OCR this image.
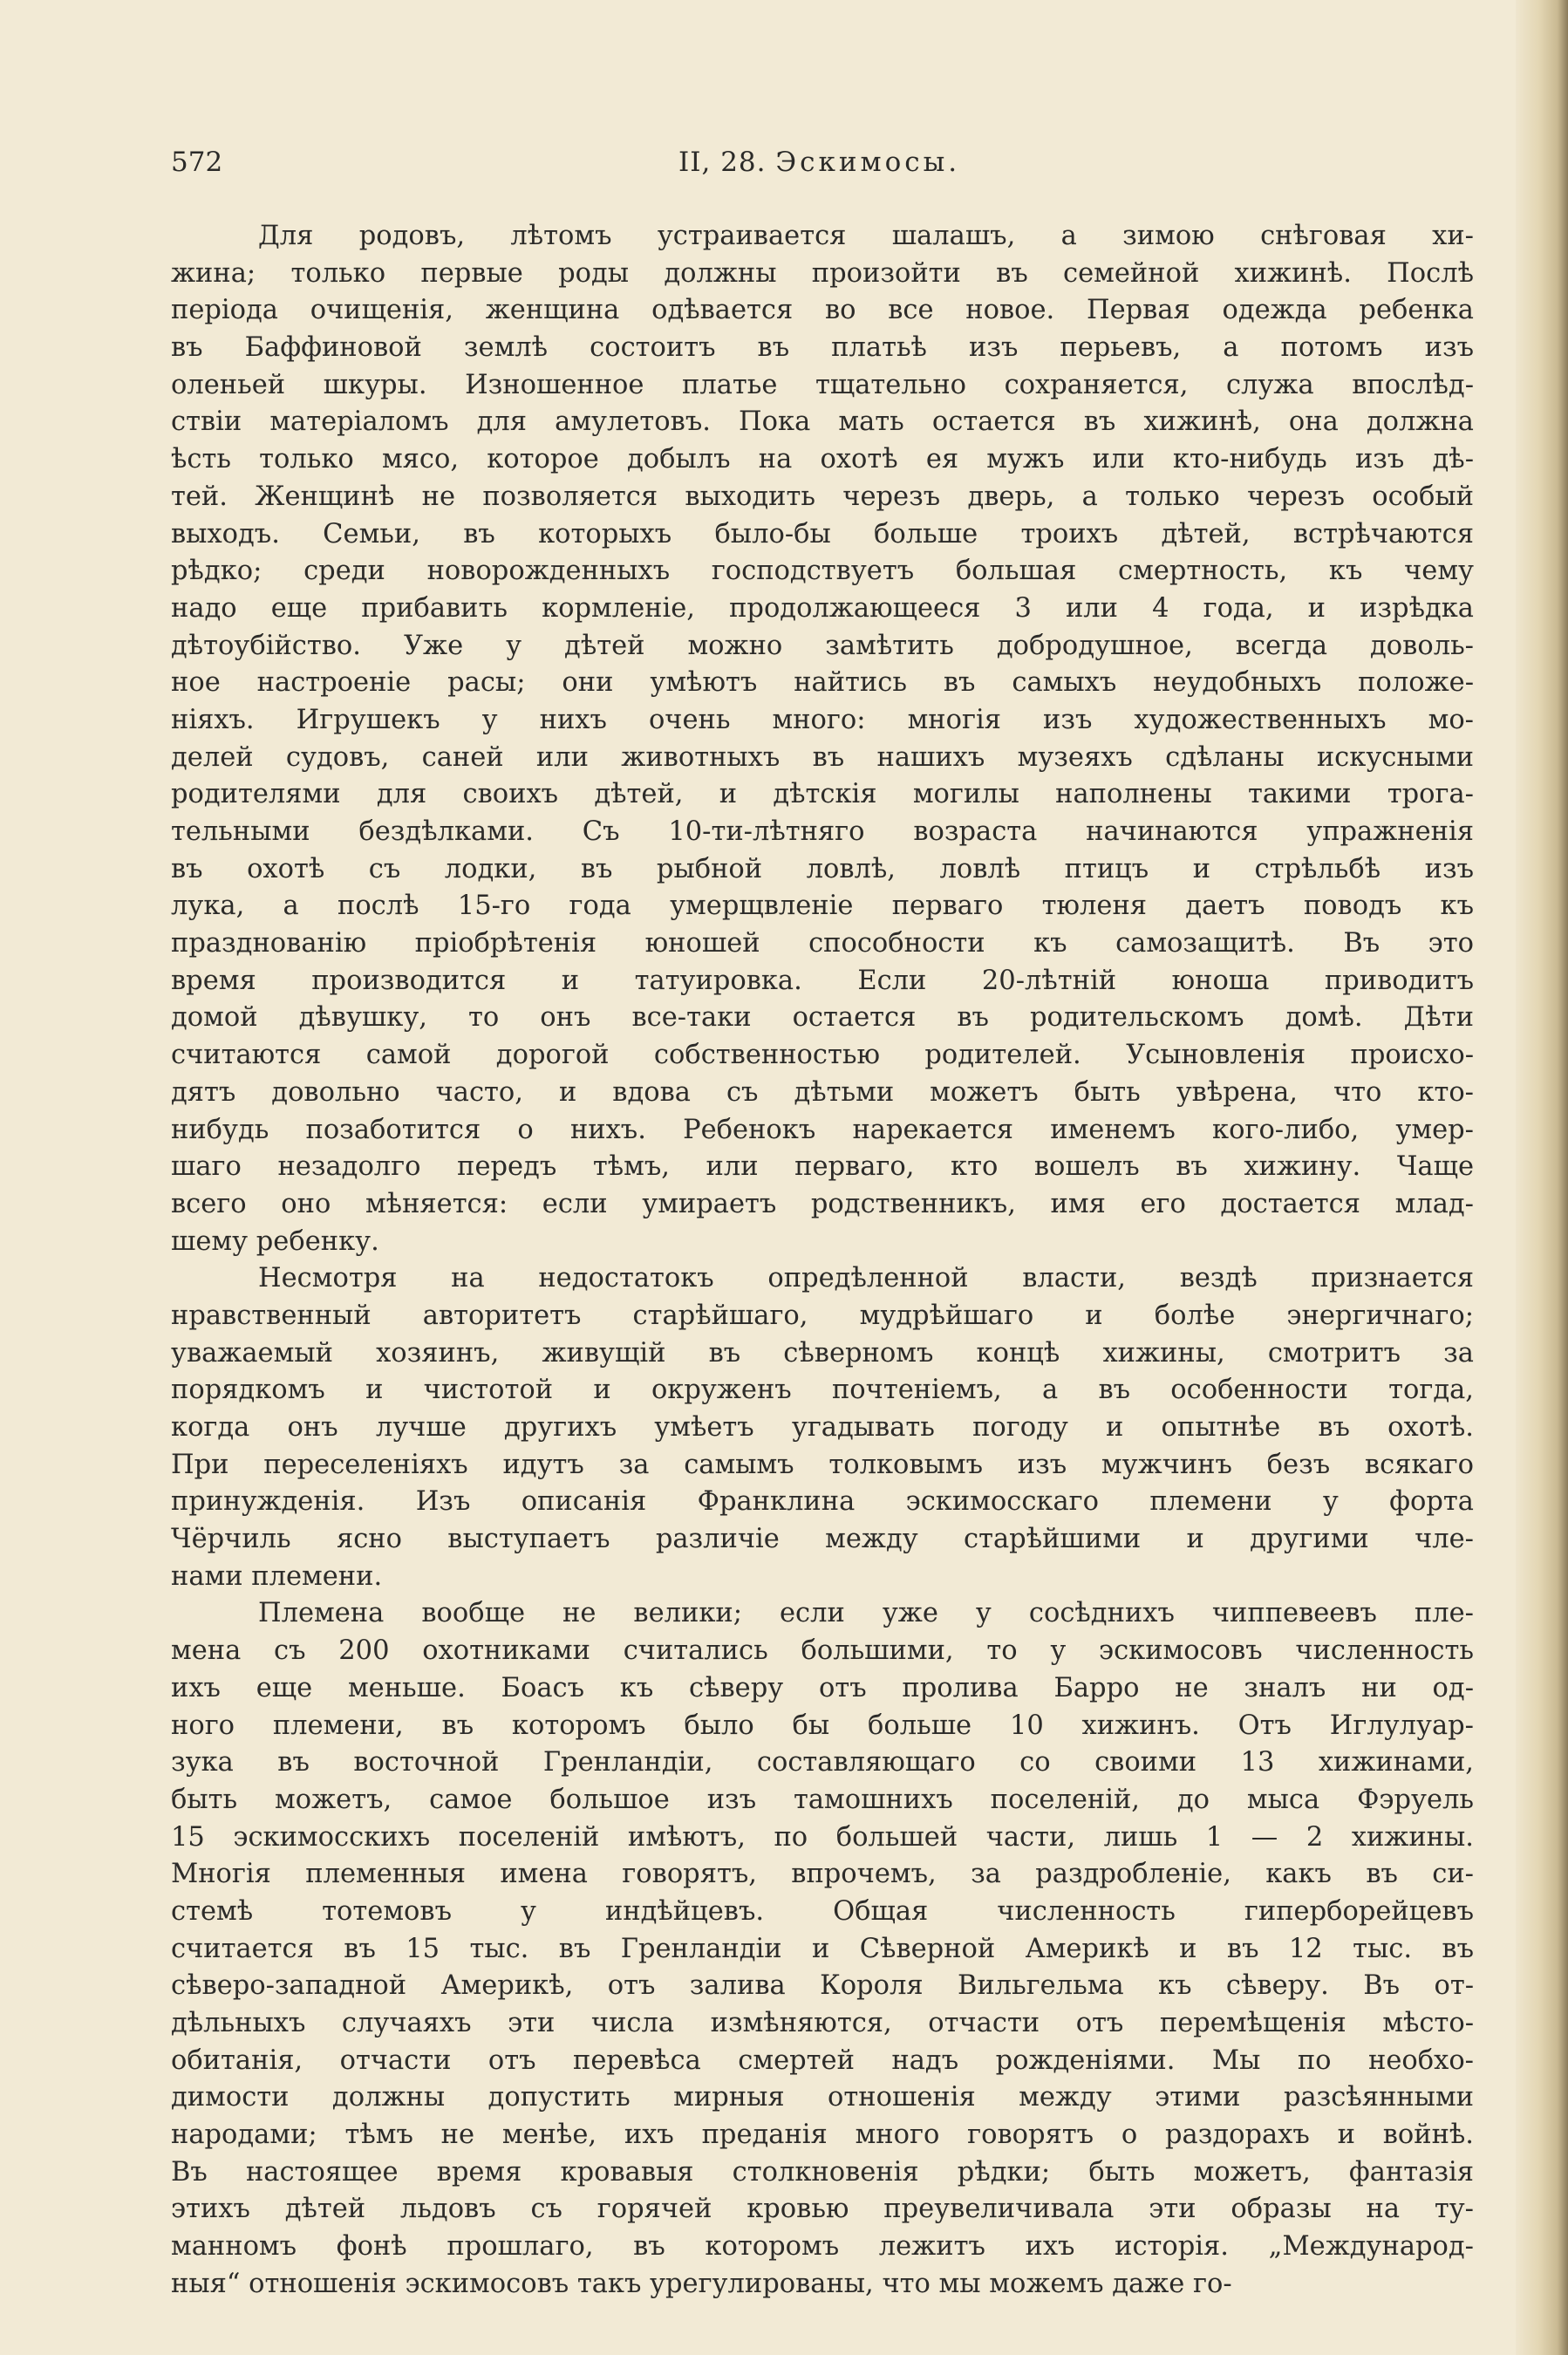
572	II, 28. Эскимосы.
Для родовъ, лѣтомъ устраивается шалашъ, а зимою снѣговая хи-
жина; только первые роды должны произойти въ семейной хижинѣ. Послѣ
періода очищенія, женщина одѣвается во все новое. Первая одежда ребенка
въ Баффиновой землѣ состоитъ въ платьѣ изъ перьевъ, а потомъ изъ
оленьей шкуры. Изношенное платье тщательно сохраняется, служа впослѣд-
ствіи матеріаломъ для амулетовъ. Пока мать остается въ хижинѣ, она должна
ѣсть только мясо, которое добылъ на охотѣ ея мужъ или кто-нибудь изъ дѣ-
тей. Женщинѣ не позволяется выходить черезъ дверь, а только черезъ особый
выходъ. Семьи, въ которыхъ было-бы больше троихъ дѣтей, встрѣчаются
рѣдко; среди новорожденныхъ господствуетъ большая смертность, къ чему
надо еще прибавить кормленіе, продолжающееся 3 или 4 года, и изрѣдка
дѣтоубійство. Уже у дѣтей можно замѣтить добродушное, всегда доволь-
ное настроеніе расы; они умѣютъ найтись въ самыхъ неудобныхъ положе-
ніяхъ. Игрушекъ у нихъ очень много: многія изъ художественныхъ мо-
делей судовъ, саней или животныхъ въ нашихъ музеяхъ сдѣланы искусными
родителями для своихъ дѣтей, и дѣтскія могилы наполнены такими трога-
тельными бездѣлками. Съ 10-ти-лѣтняго возраста начинаются упражненія
въ охотѣ съ лодки, въ рыбной ловлѣ, ловлѣ птицъ и стрѣльбѣ изъ
лука, а послѣ 15-го года умерщвленіе перваго тюленя даетъ поводъ къ
празднованію пріобрѣтенія юношей способности къ самозащитѣ. Въ это
время производится и татуировка. Если 20-лѣтній юноша приводитъ
домой дѣвушку, то онъ все-таки остается въ родительскомъ домѣ. Дѣти
считаются самой дорогой собственностью родителей. Усыновленія происхо-
дятъ довольно часто, и вдова съ дѣтьми можетъ быть увѣрена, что кто-
нибудь позаботится о нихъ. Ребенокъ нарекается именемъ кого-либо, умер-
шаго незадолго передъ тѣмъ, или перваго, кто вошелъ въ хижину. Чаще
всего оно мѣняется: если умираетъ родственникъ, имя его достается млад-
шему ребенку.
Несмотря на недостатокъ опредѣленной власти, вездѣ признается
нравственный авторитетъ старѣйшаго, мудрѣйшаго и болѣе энергичнаго;
уважаемый хозяинъ, живущій въ сѣверномъ концѣ хижины, смотритъ за
порядкомъ и чистотой и окруженъ почтеніемъ, а въ особенности тогда,
когда онъ лучше другихъ умѣетъ угадывать погоду и опытнѣе въ охотѣ.
При переселеніяхъ идутъ за самымъ толковымъ изъ мужчинъ безъ всякаго
принужденія. Изъ описанія Франклина эскимосскаго племени у форта
Чёрчиль ясно выступаетъ различіе между старѣйшими и другими чле-
нами племени.
Племена вообще не велики; если уже у сосѣднихъ чиппевеевъ пле-
мена съ 200 охотниками считались большими, то у эскимосовъ численность
ихъ еще меньше. Боасъ къ сѣверу отъ пролива Барро не зналъ ни од-
ного племени, въ которомъ было бы больше 10 хижинъ. Отъ Иглулуар-
зука въ восточной Гренландіи, составляющаго со своими 13 хижинами,
быть можетъ, самое большое изъ тамошнихъ поселеній, до мыса Фэруель
15 эскимосскихъ поселеній имѣютъ, по большей части, лишь 1 — 2 хижины.
Многія племенныя имена говорятъ, впрочемъ, за раздробленіе, какъ въ си-
стемѣ тотемовъ у индѣйцевъ. Общая численность гиперборейцевъ
считается въ 15 тыс. въ Гренландіи и Сѣверной Америкѣ и въ 12 тыс. въ
сѣверо-западной Америкѣ, отъ залива Короля Вильгельма къ сѣверу. Въ от-
дѣльныхъ случаяхъ эти числа измѣняются, отчасти отъ перемѣщенія мѣсто-
обитанія, отчасти отъ перевѣса смертей надъ рожденіями. Мы по необхо-
димости должны допустить мирныя отношенія между этими разсѣянными
народами; тѣмъ не менѣе, ихъ преданія много говорятъ о раздорахъ и войнѣ.
Въ настоящее время кровавыя столкновенія рѣдки; быть можетъ, фантазія
этихъ дѣтей льдовъ съ горячей кровью преувеличивала эти образы на ту-
манномъ фонѣ прошлаго, въ которомъ лежитъ ихъ исторія. „Международ-
ныя“ отношенія эскимосовъ такъ урегулированы, что мы можемъ даже го-
